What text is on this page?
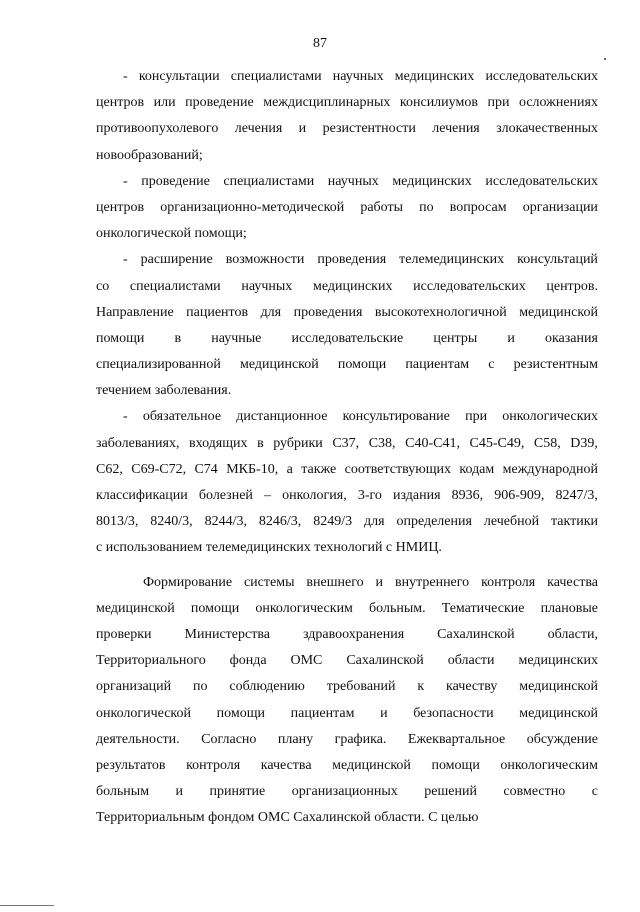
87
- консультации специалистами научных медицинских исследовательских
центров или проведение междисциплинарных консилиумов при осложнениях
противоопухолевого лечения и резистентности лечения злокачественных
новообразований;
- проведение специалистами научных медицинских исследовательских
центров организационно-методической работы по вопросам организации
онкологической помощи;
- расширение возможности проведения телемедицинских консультаций
со специалистами научных медицинских исследовательских центров.
Направление пациентов для проведения высокотехнологичной медицинской
помощи в научные исследовательские центры и оказания
специализированной медицинской помощи пациентам с резистентным
течением заболевания.
- обязательное дистанционное консультирование при онкологических
заболеваниях, входящих в рубрики С37, С38, С40-С41, С45-С49, С58, D39,
С62, С69-С72, С74 МКБ-10, а также соответствующих кодам международной
классификации болезней – онкология, 3-го издания 8936, 906-909, 8247/3,
8013/3, 8240/3, 8244/3, 8246/3, 8249/3 для определения лечебной тактики
с использованием телемедицинских технологий с НМИЦ.
Формирование системы внешнего и внутреннего контроля качества
медицинской помощи онкологическим больным. Тематические плановые
проверки Министерства здравоохранения Сахалинской области,
Территориального фонда ОМС Сахалинской области медицинских
организаций по соблюдению требований к качеству медицинской
онкологической помощи пациентам и безопасности медицинской
деятельности. Согласно плану графика. Ежеквартальное обсуждение
результатов контроля качества медицинской помощи онкологическим
больным и принятие организационных решений совместно с
Территориальным фондом ОМС Сахалинской области. С целью
